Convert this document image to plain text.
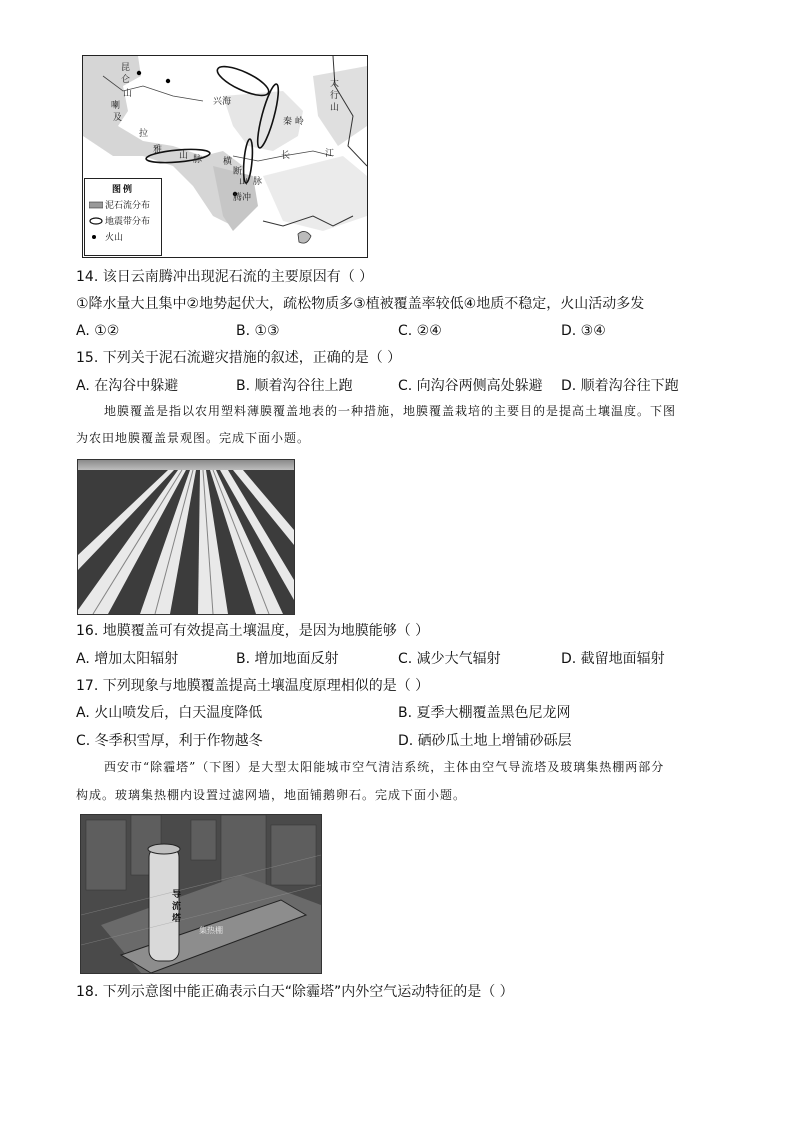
昆
仑
山
喇
及
拉
雅
山 脉
兴海
太
行
山
秦 岭
长	江
横
断
山 脉
腾冲
图例
泥石流分布
地震带分布
火山
14. 该日云南腾冲出现泥石流的主要原因有（ ）
①降水量大且集中②地势起伏大，疏松物质多③植被覆盖率较低④地质不稳定，火山活动多发
A. ①②	B. ①③	C. ②④	D. ③④
15. 下列关于泥石流避灾措施的叙述，正确的是（ ）
A. 在沟谷中躲避	B. 顺着沟谷往上跑	C. 向沟谷两侧高处躲避 D. 顺着沟谷往下跑
地膜覆盖是指以农用塑料薄膜覆盖地表的一种措施，地膜覆盖栽培的主要目的是提高土壤温度。下图
为农田地膜覆盖景观图。完成下面小题。
16. 地膜覆盖可有效提高土壤温度，是因为地膜能够（ ）
A. 增加太阳辐射	B. 增加地面反射	C. 减少大气辐射	D. 截留地面辐射
17. 下列现象与地膜覆盖提高土壤温度原理相似的是（ ）
A. 火山喷发后，白天温度降低	B. 夏季大棚覆盖黑色尼龙网
C. 冬季积雪厚，利于作物越冬	D. 硒砂瓜土地上增铺砂砾层
西安市“除霾塔”（下图）是大型太阳能城市空气清洁系统，主体由空气导流塔及玻璃集热棚两部分
构成。玻璃集热棚内设置过滤网墙，地面铺鹅卵石。完成下面小题。
导
流
塔
集热棚
18. 下列示意图中能正确表示白天“除霾塔”内外空气运动特征的是（ ）
